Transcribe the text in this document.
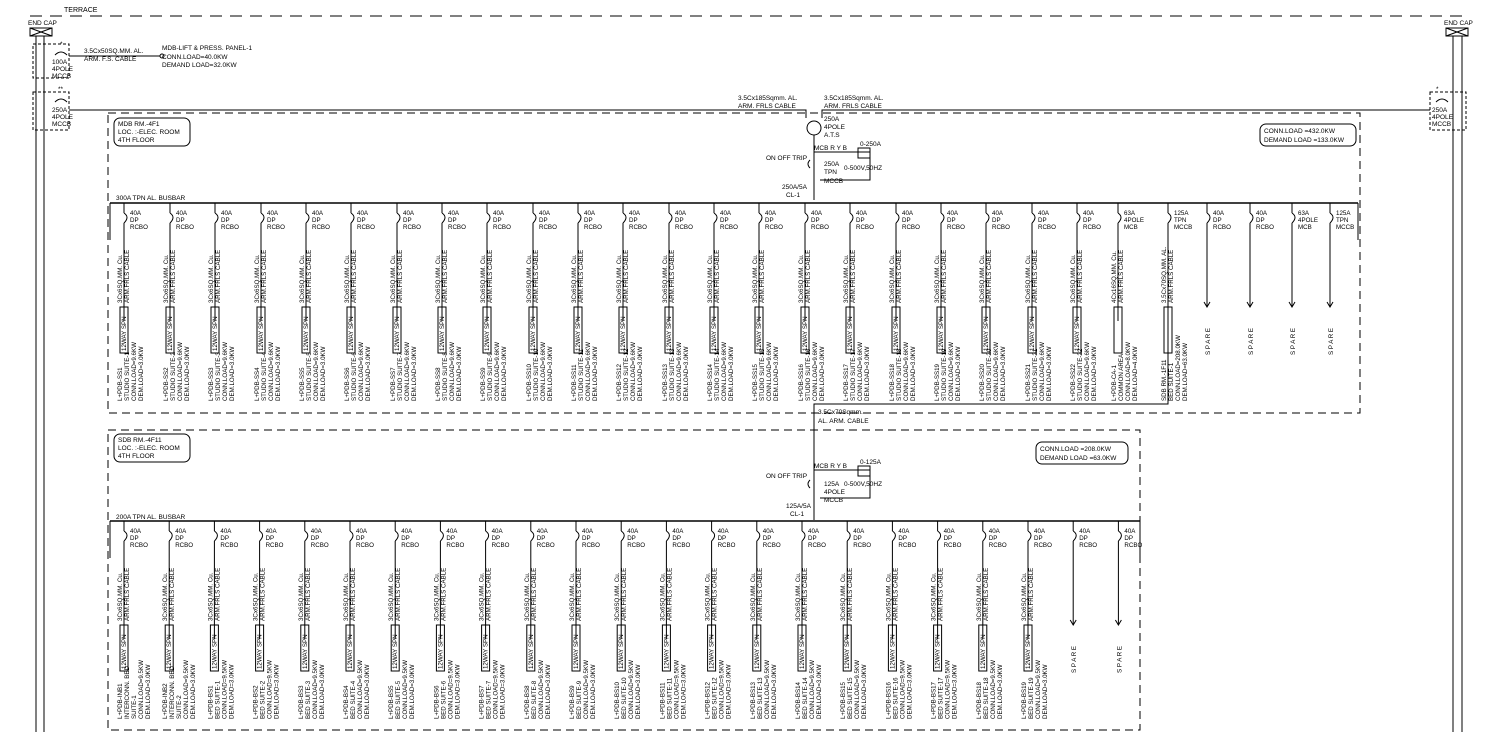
40A
DP
RCBO
3Cx6SQ.MM. Cu. ARM.FRLS CABLE
12WAY SPN
L+PDB-SS1 STUDIO SUITE-1 CONN.LOAD=9.6KW DEM.LOAD=3.0KW
40A
DP
RCBO
3Cx6SQ.MM. Cu. ARM.FRLS CABLE
12WAY SPN
L+PDB-SS2 STUDIO SUITE-2 CONN.LOAD=9.6KW DEM.LOAD=3.0KW
40A
DP
RCBO
3Cx6SQ.MM. Cu. ARM.FRLS CABLE
12WAY SPN
L+PDB-SS3 STUDIO SUITE-3 CONN.LOAD=9.6KW DEM.LOAD=3.0KW
40A
DP
RCBO
3Cx6SQ.MM. Cu. ARM.FRLS CABLE
12WAY SPN
L+PDB-SS4 STUDIO SUITE-4 CONN.LOAD=9.6KW DEM.LOAD=3.0KW
40A
DP
RCBO
3Cx6SQ.MM. Cu. ARM.FRLS CABLE
12WAY SPN
L+PDB-SS5 STUDIO SUITE-5 CONN.LOAD=9.6KW DEM.LOAD=3.0KW
40A
DP
RCBO
3Cx6SQ.MM. Cu. ARM.FRLS CABLE
12WAY SPN
L+PDB-SS6 STUDIO SUITE-6 CONN.LOAD=9.6KW DEM.LOAD=3.0KW
40A
DP
RCBO
3Cx6SQ.MM. Cu. ARM.FRLS CABLE
12WAY SPN
L+PDB-SS7 STUDIO SUITE-7 CONN.LOAD=9.6KW DEM.LOAD=3.0KW
40A
DP
RCBO
3Cx6SQ.MM. Cu. ARM.FRLS CABLE
12WAY SPN
L+PDB-SS8 STUDIO SUITE-8 CONN.LOAD=9.6KW DEM.LOAD=3.0KW
40A
DP
RCBO
3Cx6SQ.MM. Cu. ARM.FRLS CABLE
12WAY SPN
L+PDB-SS9 STUDIO SUITE-9 CONN.LOAD=9.6KW DEM.LOAD=3.0KW
40A
DP
RCBO
3Cx6SQ.MM. Cu. ARM.FRLS CABLE
12WAY SPN
L+PDB-SS10 STUDIO SUITE-10 CONN.LOAD=9.6KW DEM.LOAD=3.0KW
40A
DP
RCBO
3Cx6SQ.MM. Cu. ARM.FRLS CABLE
12WAY SPN
L+PDB-SS11 STUDIO SUITE-11 CONN.LOAD=9.6KW DEM.LOAD=3.0KW
40A
DP
RCBO
3Cx6SQ.MM. Cu. ARM.FRLS CABLE
12WAY SPN
L+PDB-SS12 STUDIO SUITE-12 CONN.LOAD=9.6KW DEM.LOAD=3.0KW
40A
DP
RCBO
3Cx6SQ.MM. Cu. ARM.FRLS CABLE
12WAY SPN
L+PDB-SS13 STUDIO SUITE-13 CONN.LOAD=9.6KW DEM.LOAD=3.0KW
40A
DP
RCBO
3Cx6SQ.MM. Cu. ARM.FRLS CABLE
12WAY SPN
L+PDB-SS14 STUDIO SUITE-14 CONN.LOAD=9.6KW DEM.LOAD=3.0KW
40A
DP
RCBO
3Cx6SQ.MM. Cu. ARM.FRLS CABLE
12WAY SPN
L+PDB-SS15 STUDIO SUITE-15 CONN.LOAD=9.6KW DEM.LOAD=3.0KW
40A
DP
RCBO
3Cx6SQ.MM. Cu. ARM.FRLS CABLE
12WAY SPN
L+PDB-SS16 STUDIO SUITE-16 CONN.LOAD=9.6KW DEM.LOAD=3.0KW
40A
DP
RCBO
3Cx6SQ.MM. Cu. ARM.FRLS CABLE
12WAY SPN
L+PDB-SS17 STUDIO SUITE-17 CONN.LOAD=9.6KW DEM.LOAD=3.0KW
40A
DP
RCBO
3Cx6SQ.MM. Cu. ARM.FRLS CABLE
12WAY SPN
L+PDB-SS18 STUDIO SUITE-18 CONN.LOAD=9.6KW DEM.LOAD=3.0KW
40A
DP
RCBO
3Cx6SQ.MM. Cu. ARM.FRLS CABLE
12WAY SPN
L+PDB-SS19 STUDIO SUITE-19 CONN.LOAD=9.6KW DEM.LOAD=3.0KW
40A
DP
RCBO
3Cx6SQ.MM. Cu. ARM.FRLS CABLE
12WAY SPN
L+PDB-SS20 STUDIO SUITE-20 CONN.LOAD=9.6KW DEM.LOAD=3.0KW
40A
DP
RCBO
3Cx6SQ.MM. Cu. ARM.FRLS CABLE
12WAY SPN
L+PDB-SS21 STUDIO SUITE-21 CONN.LOAD=9.6KW DEM.LOAD=3.0KW
40A
DP
RCBO
3Cx6SQ.MM. Cu. ARM.FRLS CABLE
12WAY SPN
L+PDB-SS22 STUDIO SUITE-22 CONN.LOAD=9.6KW DEM.LOAD=3.0KW
63A
4POLE
MCB
4Cx16SQ.MM. Cu. ARM.FRLS CABLE
L+PDB-CA-1 COMMON AREA CONN.LOAD=8.0KW DEM.LOAD=4.0KW
125A
TPN
MCCB
3.5Cx70SQ.MM. AL. ARM.FRLS CABLE
SDB RM.-1F11 BED SUITE-1 CONN.LOAD=208.0KW DEM.LOAD=63.0KW
40A
DP
RCBO
S P A R E
40A
DP
RCBO
S P A R E
63A
4POLE
MCB
S P A R E
125A
TPN
MCCB
S P A R E
40A
DP
RCBO
3Cx6SQ.MM. Cu. ARM.FRLS CABLE
12WAY SPN
L+PDB-INB1 INTERCONN. BED SUITE-1 CONN.LOAD=9.5KW DEM.LOAD=3.0KW
40A
DP
RCBO
3Cx6SQ.MM. Cu. ARM.FRLS CABLE
12WAY SPN
L+PDB-INB2 INTERCONN. BED SUITE-2 CONN.LOAD=9.5KW DEM.LOAD=3.0KW
40A
DP
RCBO
3Cx6SQ.MM. Cu. ARM.FRLS CABLE
12WAY SPN
L+PDB-BS1 BED SUITE-1 CONN.LOAD=9.5KW DEM.LOAD=3.0KW
40A
DP
RCBO
3Cx6SQ.MM. Cu. ARM.FRLS CABLE
12WAY SPN
L+PDB-BS2 BED SUITE-2 CONN.LOAD=9.5KW DEM.LOAD=3.0KW
40A
DP
RCBO
3Cx6SQ.MM. Cu. ARM.FRLS CABLE
12WAY SPN
L+PDB-BS3 BED SUITE-3 CONN.LOAD=9.5KW DEM.LOAD=3.0KW
40A
DP
RCBO
3Cx6SQ.MM. Cu. ARM.FRLS CABLE
12WAY SPN
L+PDB-BS4 BED SUITE-4 CONN.LOAD=9.5KW DEM.LOAD=3.0KW
40A
DP
RCBO
3Cx6SQ.MM. Cu. ARM.FRLS CABLE
12WAY SPN
L+PDB-BS5 BED SUITE-5 CONN.LOAD=9.5KW DEM.LOAD=3.0KW
40A
DP
RCBO
3Cx6SQ.MM. Cu. ARM.FRLS CABLE
12WAY SPN
L+PDB-BS6 BED SUITE-6 CONN.LOAD=9.5KW DEM.LOAD=3.0KW
40A
DP
RCBO
3Cx6SQ.MM. Cu. ARM.FRLS CABLE
12WAY SPN
L+PDB-BS7 BED SUITE-7 CONN.LOAD=9.5KW DEM.LOAD=3.0KW
40A
DP
RCBO
3Cx6SQ.MM. Cu. ARM.FRLS CABLE
12WAY SPN
L+PDB-BS8 BED SUITE-8 CONN.LOAD=9.5KW DEM.LOAD=3.0KW
40A
DP
RCBO
3Cx6SQ.MM. Cu. ARM.FRLS CABLE
12WAY SPN
L+PDB-BS9 BED SUITE-9 CONN.LOAD=9.5KW DEM.LOAD=3.0KW
40A
DP
RCBO
3Cx6SQ.MM. Cu. ARM.FRLS CABLE
12WAY SPN
L+PDB-BS10 BED SUITE-10 CONN.LOAD=9.5KW DEM.LOAD=3.0KW
40A
DP
RCBO
3Cx6SQ.MM. Cu. ARM.FRLS CABLE
12WAY SPN
L+PDB-BS11 BED SUITE-11 CONN.LOAD=9.5KW DEM.LOAD=3.0KW
40A
DP
RCBO
3Cx6SQ.MM. Cu. ARM.FRLS CABLE
12WAY SPN
L+PDB-BS12 BED SUITE-12 CONN.LOAD=9.5KW DEM.LOAD=3.0KW
40A
DP
RCBO
3Cx6SQ.MM. Cu. ARM.FRLS CABLE
12WAY SPN
L+PDB-BS13 BED SUITE-13 CONN.LOAD=9.5KW DEM.LOAD=3.0KW
40A
DP
RCBO
3Cx6SQ.MM. Cu. ARM.FRLS CABLE
12WAY SPN
L+PDB-BS14 BED SUITE-14 CONN.LOAD=9.5KW DEM.LOAD=3.0KW
40A
DP
RCBO
3Cx6SQ.MM. Cu. ARM.FRLS CABLE
12WAY SPN
L+PDB-BS15 BED SUITE-15 CONN.LOAD=9.5KW DEM.LOAD=3.0KW
40A
DP
RCBO
3Cx6SQ.MM. Cu. ARM.FRLS CABLE
12WAY SPN
L+PDB-BS16 BED SUITE-16 CONN.LOAD=9.5KW DEM.LOAD=3.0KW
40A
DP
RCBO
3Cx6SQ.MM. Cu. ARM.FRLS CABLE
12WAY SPN
L+PDB-BS17 BED SUITE-17 CONN.LOAD=9.5KW DEM.LOAD=3.0KW
40A
DP
RCBO
3Cx6SQ.MM. Cu. ARM.FRLS CABLE
12WAY SPN
L+PDB-BS18 BED SUITE-18 CONN.LOAD=9.5KW DEM.LOAD=3.0KW
40A
DP
RCBO
3Cx6SQ.MM. Cu. ARM.FRLS CABLE
12WAY SPN
L+PDB-BS19 BED SUITE-19 CONN.LOAD=9.5KW DEM.LOAD=3.0KW
40A
DP
RCBO
S P A R E
40A
DP
RCBO
S P A R E
TERRACE
END CAP	END CAP
*
100A
4POLE
MCCB
**
250A
4POLE
MCCB
3.5Cx50SQ.MM. AL.
ARM. F.S. CABLE
MDB-LIFT & PRESS. PANEL-1
CONN.LOAD=40.0KW
DEMAND LOAD=32.0KW
*
250A
4POLE
MCCB
3.5Cx185Sqmm. AL.
ARM. FRLS CABLE
3.5Cx185Sqmm. AL.
ARM. FRLS CABLE
MDB RM.-4F1
LOC. :-ELEC. ROOM
4TH FLOOR
CONN.LOAD =432.0KW
DEMAND LOAD =133.0KW
250A
4POLE
A.T.S
ON OFF TRIP
MCB R Y B
0-250A
0-500V,50HZ
250A
TPN
MCCB
250A/5A
CL-1
300A TPN AL. BUSBAR
3.5Cx70Sqmm.
AL. ARM. CABLE
SDB RM.-4F11
LOC. :-ELEC. ROOM
4TH FLOOR
CONN.LOAD =208.0KW
DEMAND LOAD =63.0KW
ON OFF TRIP
MCB R Y B
0-125A
0-500V,50HZ
125A
4POLE
MCCB
125A/5A
CL-1
200A TPN AL. BUSBAR
